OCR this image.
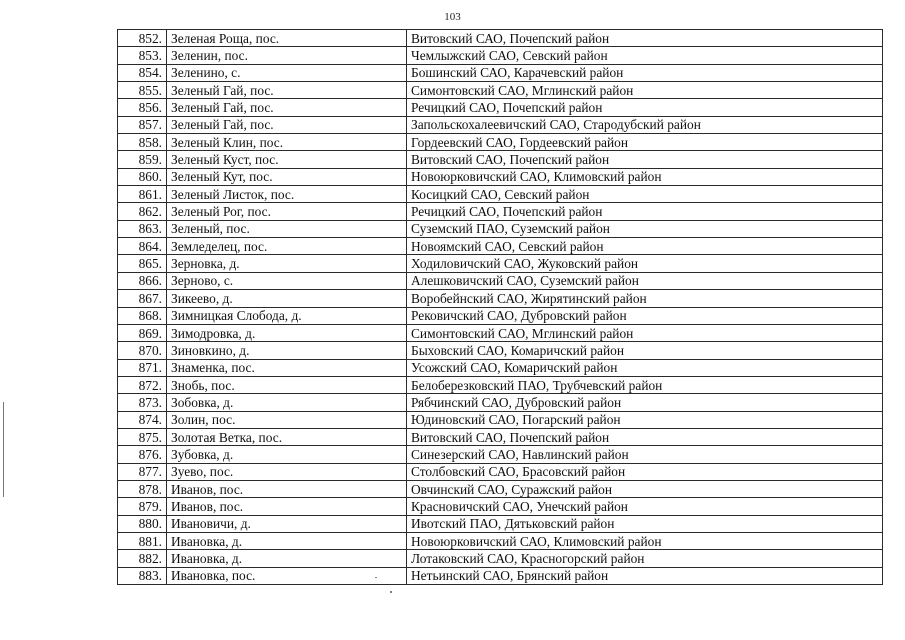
103
852.	Зеленая Роща, пос.	Витовский САО, Почепский район
853.	Зеленин, пос.	Чемлыжский САО, Севский район
854.	Зеленино, с.	Бошинский САО, Карачевский район
855.	Зеленый Гай, пос.	Симонтовский САО, Мглинский район
856.	Зеленый Гай, пос.	Речицкий САО, Почепский район
857.	Зеленый Гай, пос.	Запольскохалеевичский САО, Стародубский район
858.	Зеленый Клин, пос.	Гордеевский САО, Гордеевский район
859.	Зеленый Куст, пос.	Витовский САО, Почепский район
860.	Зеленый Кут, пос.	Новоюрковичский САО, Климовский район
861.	Зеленый Листок, пос.	Косицкий САО, Севский район
862.	Зеленый Рог, пос.	Речицкий САО, Почепский район
863.	Зеленый, пос.	Суземский ПАО, Суземский район
864.	Земледелец, пос.	Новоямский САО, Севский район
865.	Зерновка, д.	Ходиловичский САО, Жуковский район
866.	Зерново, с.	Алешковичский САО, Суземский район
867.	Зикеево, д.	Воробейнский САО, Жирятинский район
868.	Зимницкая Слобода, д.	Рековичский САО, Дубровский район
869.	Зимодровка, д.	Симонтовский САО, Мглинский район
870.	Зиновкино, д.	Быховский САО, Комаричский район
871.	Знаменка, пос.	Усожский САО, Комаричский район
872.	Знобь, пос.	Белоберезковский ПАО, Трубчевский район
873.	Зобовка, д.	Рябчинский САО, Дубровский район
874.	Золин, пос.	Юдиновский САО, Погарский район
875.	Золотая Ветка, пос.	Витовский САО, Почепский район
876.	Зубовка, д.	Синезерский САО, Навлинский район
877.	Зуево, пос.	Столбовский САО, Брасовский район
878.	Иванов, пос.	Овчинский САО, Суражский район
879.	Иванов, пос.	Красновичский САО, Унечский район
880.	Ивановичи, д.	Ивотский ПАО, Дятьковский район
881.	Ивановка, д.	Новоюрковичский САО, Климовский район
882.	Ивановка, д.	Лотаковский САО, Красногорский район
883.	Ивановка, пос.	Нетьинский САО, Брянский район
